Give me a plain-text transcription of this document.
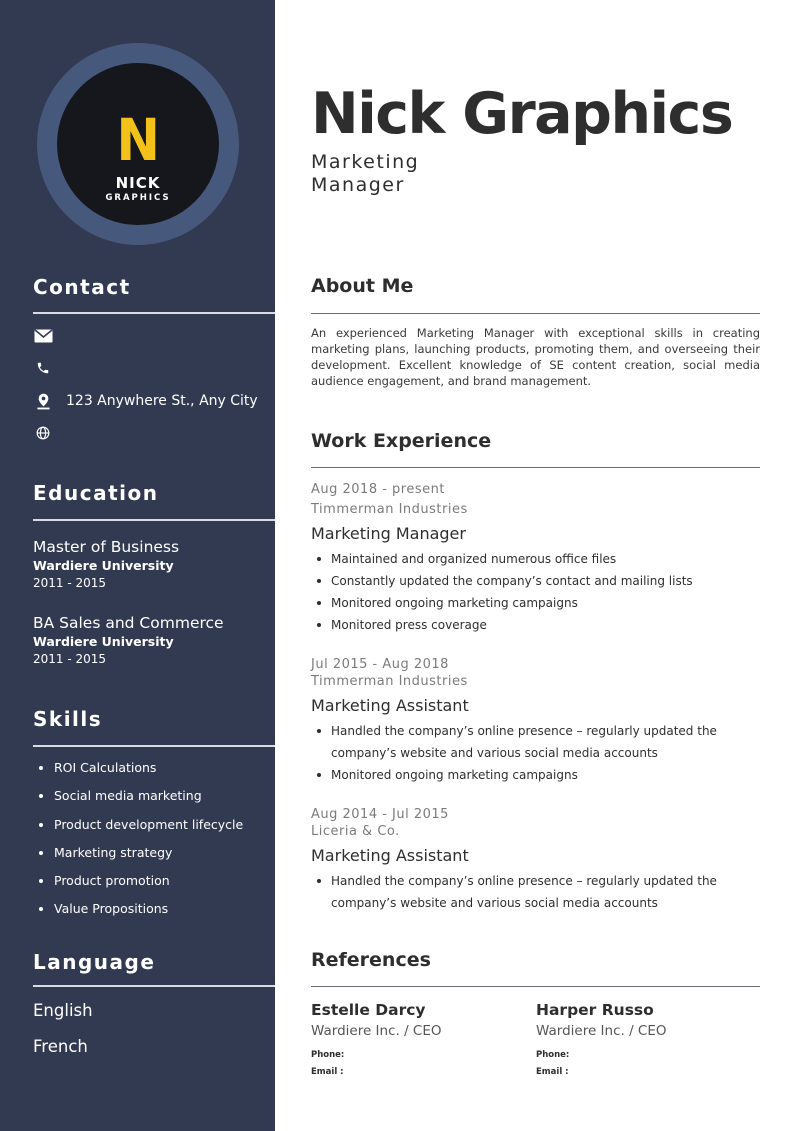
N
NICK
GRAPHICS
Contact
123 Anywhere St., Any City
Education
Master of Business
Wardiere University
2011 - 2015
BA Sales and Commerce
Wardiere University
2011 - 2015
Skills
ROI Calculations
Social media marketing
Product development lifecycle
Marketing strategy
Product promotion
Value Propositions
Language
English
French
Nick Graphics
Marketing Manager
About Me
An experienced Marketing Manager with exceptional skills in creating marketing plans, launching products, promoting them, and overseeing their development. Excellent knowledge of SE content creation, social media audience engagement, and brand management.
Work Experience
Aug 2018 - present
Timmerman Industries
Marketing Manager
Maintained and organized numerous office files
Constantly updated the company’s contact and mailing lists
Monitored ongoing marketing campaigns
Monitored press coverage
Jul 2015 - Aug 2018
Timmerman Industries
Marketing Assistant
Handled the company’s online presence – regularly updated the company’s website and various social media accounts
Monitored ongoing marketing campaigns
Aug 2014 - Jul 2015
Liceria & Co.
Marketing Assistant
Handled the company’s online presence – regularly updated the company’s website and various social media accounts
References
Estelle Darcy
Wardiere Inc. / CEO
Phone:
Email :
Harper Russo
Wardiere Inc. / CEO
Phone:
Email :
